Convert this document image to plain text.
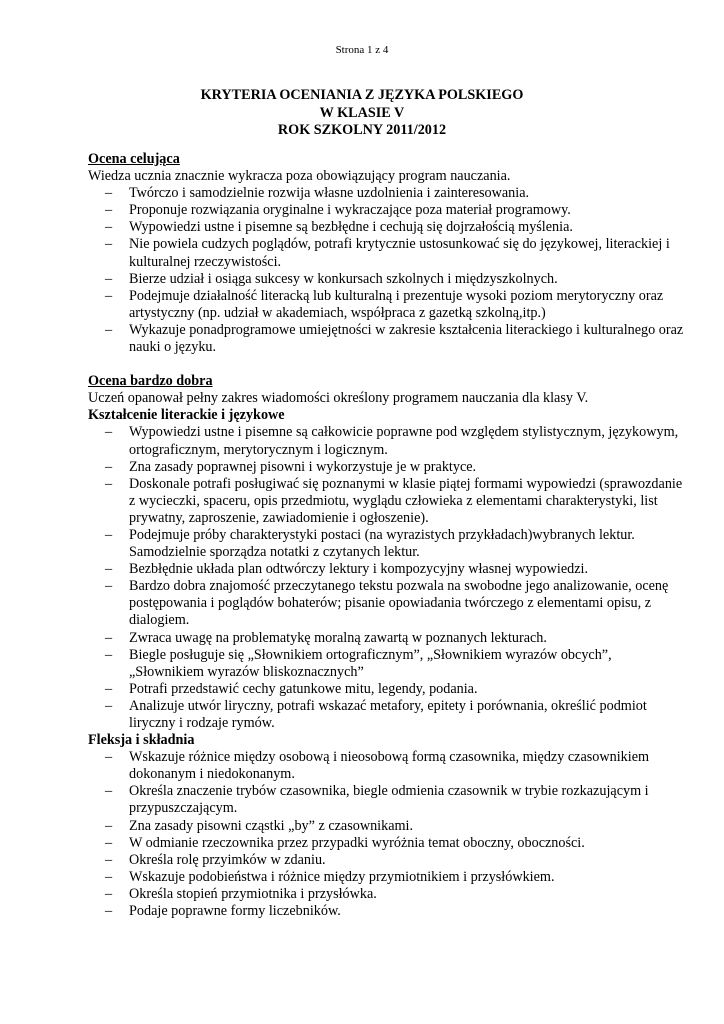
Strona 1 z 4
KRYTERIA OCENIANIA Z JĘZYKA POLSKIEGO
W KLASIE V
ROK SZKOLNY 2011/2012
Ocena celująca
Wiedza ucznia znacznie wykracza poza obowiązujący program nauczania.
– Twórczo i samodzielnie rozwija własne uzdolnienia i zainteresowania.
– Proponuje rozwiązania oryginalne i wykraczające poza materiał programowy.
– Wypowiedzi ustne i pisemne są bezbłędne i cechują się dojrzałością myślenia.
– Nie powiela cudzych poglądów, potrafi krytycznie ustosunkować się do językowej, literackiej i kulturalnej rzeczywistości.
– Bierze udział i osiąga sukcesy w konkursach szkolnych i międzyszkolnych.
– Podejmuje działalność literacką lub kulturalną i prezentuje wysoki poziom merytoryczny oraz artystyczny (np. udział w akademiach, współpraca z gazetką szkolną,itp.)
– Wykazuje ponadprogramowe umiejętności w zakresie kształcenia literackiego i kulturalnego oraz nauki o języku.
Ocena bardzo dobra
Uczeń opanował pełny zakres wiadomości określony programem nauczania dla klasy V.
Kształcenie literackie i językowe
– Wypowiedzi ustne i pisemne są całkowicie poprawne pod względem stylistycznym, językowym, ortograficznym, merytorycznym i logicznym.
– Zna zasady poprawnej pisowni i wykorzystuje je w praktyce.
– Doskonale potrafi posługiwać się poznanymi w klasie piątej formami wypowiedzi (sprawozdanie z wycieczki, spaceru, opis przedmiotu, wyglądu człowieka z elementami charakterystyki, list prywatny, zaproszenie, zawiadomienie i ogłoszenie).
– Podejmuje próby charakterystyki postaci (na wyrazistych przykładach)wybranych lektur. Samodzielnie sporządza notatki z czytanych lektur.
– Bezbłędnie układa plan odtwórczy lektury i kompozycyjny własnej wypowiedzi.
– Bardzo dobra znajomość przeczytanego tekstu pozwala na swobodne jego analizowanie, ocenę postępowania i poglądów bohaterów; pisanie opowiadania twórczego z elementami opisu, z dialogiem.
– Zwraca uwagę na problematykę moralną zawartą w poznanych lekturach.
– Biegle posługuje się „Słownikiem ortograficznym”, „Słownikiem wyrazów obcych”, „Słownikiem wyrazów bliskoznacznych”
– Potrafi przedstawić cechy gatunkowe mitu, legendy, podania.
– Analizuje utwór liryczny, potrafi wskazać metafory, epitety i porównania, określić podmiot liryczny i rodzaje rymów.
Fleksja i składnia
– Wskazuje różnice między osobową i nieosobową formą czasownika, między czasownikiem dokonanym i niedokonanym.
– Określa znaczenie trybów czasownika, biegle odmienia czasownik w trybie rozkazującym i przypuszczającym.
– Zna zasady pisowni cząstki „by” z czasownikami.
– W odmianie rzeczownika przez przypadki wyróżnia temat oboczny, oboczności.
– Określa rolę przyimków w zdaniu.
– Wskazuje podobieństwa i różnice między przymiotnikiem i przysłówkiem.
– Określa stopień przymiotnika i przysłówka.
– Podaje poprawne formy liczebników.
